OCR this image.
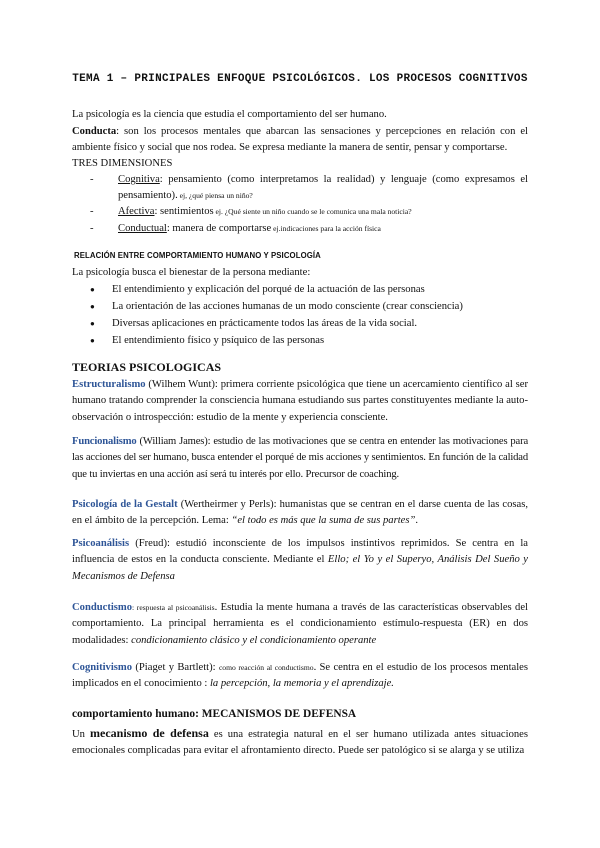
TEMA 1 – PRINCIPALES ENFOQUE PSICOLÓGICOS. LOS PROCESOS COGNITIVOS
La psicología es la ciencia que estudia el comportamiento del ser humano.
Conducta: son los procesos mentales que abarcan las sensaciones y percepciones en relación con el ambiente físico y social que nos rodea. Se expresa mediante la manera de sentir, pensar y comportarse.
TRES DIMENSIONES
- Cognitiva: pensamiento (como interpretamos la realidad) y lenguaje (como expresamos el pensamiento). ej, ¿qué piensa un niño?
- Afectiva: sentimientos ej. ¿Qué siente un niño cuando se le comunica una mala noticia?
- Conductual: manera de comportarse ej.indicaciones para la acción física
RELACIÓN ENTRE COMPORTAMIENTO HUMANO Y PSICOLOGÍA
La psicología busca el bienestar de la persona mediante:
● El entendimiento y explicación del porqué de la actuación de las personas
● La orientación de las acciones humanas de un modo consciente (crear consciencia)
● Diversas aplicaciones en prácticamente todos las áreas de la vida social.
● El entendimiento físico y psíquico de las personas
TEORIAS PSICOLOGICAS
Estructuralismo (Wilhem Wunt): primera corriente psicológica que tiene un acercamiento científico al ser humano tratando comprender la consciencia humana estudiando sus partes constituyentes mediante la auto-observación o introspección: estudio de la mente y experiencia consciente.
Funcionalismo (William James): estudio de las motivaciones que se centra en entender las motivaciones para las acciones del ser humano, busca entender el porqué de mis acciones y sentimientos. En función de la calidad que tu inviertas en una acción así será tu interés por ello. Precursor de coaching.
Psicología de la Gestalt (Wertheirmer y Perls): humanistas que se centran en el darse cuenta de las cosas, en el ámbito de la percepción. Lema: “el todo es más que la suma de sus partes”.
Psicoanálisis (Freud): estudió inconsciente de los impulsos instintivos reprimidos. Se centra en la influencia de estos en la conducta consciente. Mediante el Ello; el Yo y el Superyo, Análisis Del Sueño y Mecanismos de Defensa
Conductismo: respuesta al psicoanálisis. Estudia la mente humana a través de las características observables del comportamiento. La principal herramienta es el condicionamiento estímulo-respuesta (ER) en dos modalidades: condicionamiento clásico y el condicionamiento operante
Cognitivismo (Piaget y Bartlett): como reacción al conductismo. Se centra en el estudio de los procesos mentales implicados en el conocimiento : la percepción, la memoria y el aprendizaje.
comportamiento humano: MECANISMOS DE DEFENSA
Un mecanismo de defensa es una estrategia natural en el ser humano utilizada antes situaciones emocionales complicadas para evitar el afrontamiento directo. Puede ser patológico si se alarga y se utiliza
